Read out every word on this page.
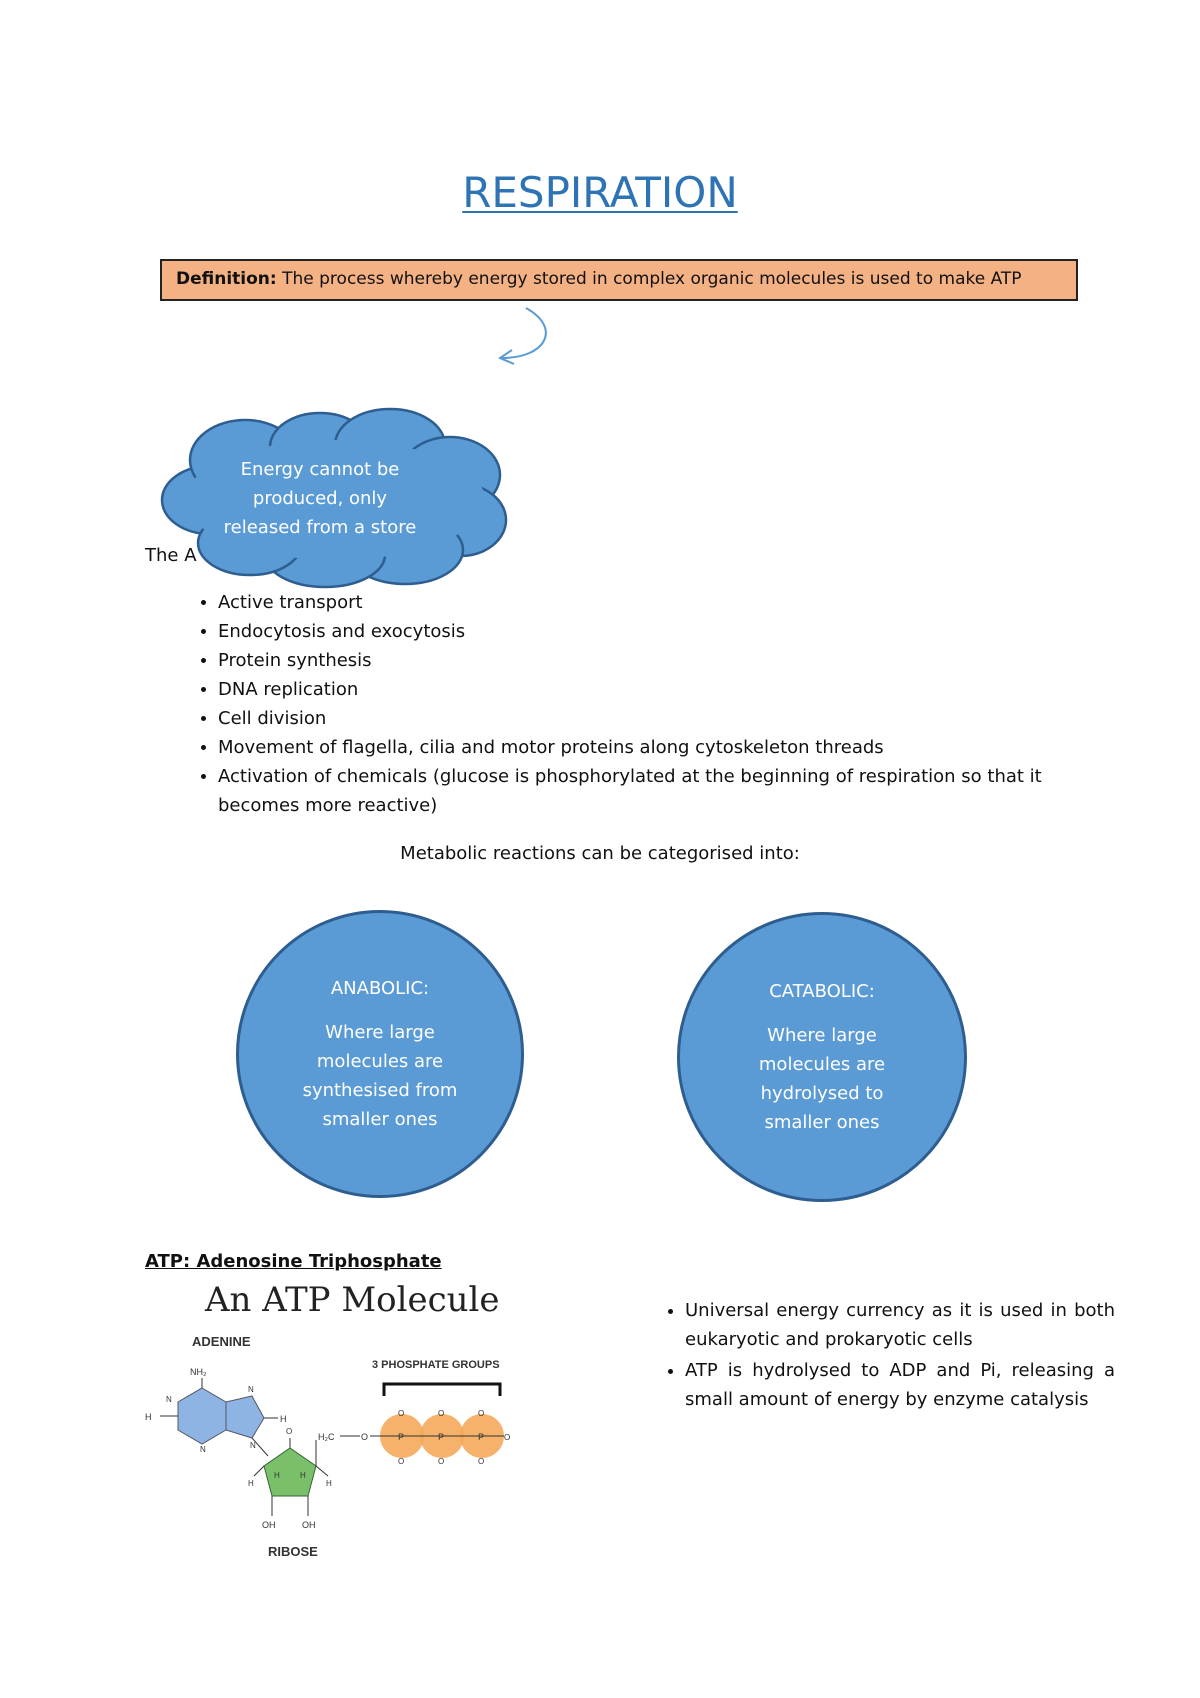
RESPIRATION
Definition: The process whereby energy stored in complex organic molecules is used to make ATP
The A
Energy cannot be
produced, only
released from a store
• Active transport
• Endocytosis and exocytosis
• Protein synthesis
• DNA replication
• Cell division
• Movement of flagella, cilia and motor proteins along cytoskeleton threads
• Activation of chemicals (glucose is phosphorylated at the beginning of respiration so that it becomes more reactive)
Metabolic reactions can be categorised into:
ANABOLIC:
Where large
molecules are
synthesised from
smaller ones
CATABOLIC:
Where large
molecules are
hydrolysed to
smaller ones
ATP: Adenosine Triphosphate
An ATP Molecule
ADENINE
NH₂
H	H
N
N
N
N
H	H
OH	OH
H	H
O
RIBOSE
H₂C	O
3 PHOSPHATE GROUPS
P	P	P
O	O	O
O	O	O
O
• Universal energy currency as it is used in both eukaryotic and prokaryotic cells
• ATP is hydrolysed to ADP and Pi, releasing a small amount of energy by enzyme catalysis
